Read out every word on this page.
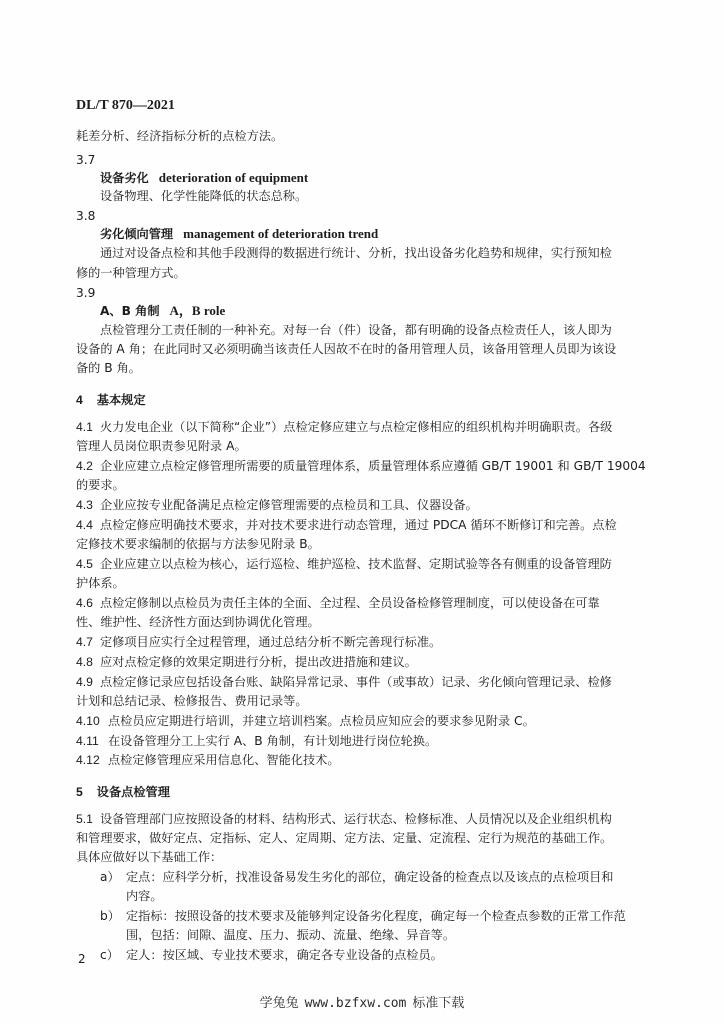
DL/T 870—2021
耗差分析、经济指标分析的点检方法。
3.7
设备劣化 deterioration of equipment
设备物理、化学性能降低的状态总称。
3.8
劣化倾向管理 management of deterioration trend
通过对设备点检和其他手段测得的数据进行统计、分析，找出设备劣化趋势和规律，实行预知检
修的一种管理方式。
3.9
A、B 角制 A，B role
点检管理分工责任制的一种补充。对每一台（件）设备，都有明确的设备点检责任人，该人即为
设备的 A 角；在此同时又必须明确当该责任人因故不在时的备用管理人员，该备用管理人员即为该设
备的 B 角。
4 基本规定
4.1 火力发电企业（以下简称“企业”）点检定修应建立与点检定修相应的组织机构并明确职责。各级
管理人员岗位职责参见附录 A。
4.2 企业应建立点检定修管理所需要的质量管理体系，质量管理体系应遵循 GB/T 19001 和 GB/T 19004
的要求。
4.3 企业应按专业配备满足点检定修管理需要的点检员和工具、仪器设备。
4.4 点检定修应明确技术要求，并对技术要求进行动态管理，通过 PDCA 循环不断修订和完善。点检
定修技术要求编制的依据与方法参见附录 B。
4.5 企业应建立以点检为核心，运行巡检、维护巡检、技术监督、定期试验等各有侧重的设备管理防
护体系。
4.6 点检定修制以点检员为责任主体的全面、全过程、全员设备检修管理制度，可以使设备在可靠
性、维护性、经济性方面达到协调优化管理。
4.7 定修项目应实行全过程管理，通过总结分析不断完善现行标准。
4.8 应对点检定修的效果定期进行分析，提出改进措施和建议。
4.9 点检定修记录应包括设备台账、缺陷异常记录、事件（或事故）记录、劣化倾向管理记录、检修
计划和总结记录、检修报告、费用记录等。
4.10 点检员应定期进行培训，并建立培训档案。点检员应知应会的要求参见附录 C。
4.11 在设备管理分工上实行 A、B 角制，有计划地进行岗位轮换。
4.12 点检定修管理应采用信息化、智能化技术。
5 设备点检管理
5.1 设备管理部门应按照设备的材料、结构形式、运行状态、检修标准、人员情况以及企业组织机构
和管理要求，做好定点、定指标、定人、定周期、定方法、定量、定流程、定行为规范的基础工作。
具体应做好以下基础工作：
a） 定点：应科学分析，找准设备易发生劣化的部位，确定设备的检查点以及该点的点检项目和
内容。
b） 定指标：按照设备的技术要求及能够判定设备劣化程度，确定每一个检查点参数的正常工作范
围，包括：间隙、温度、压力、振动、流量、绝缘、异音等。
c） 定人：按区域、专业技术要求，确定各专业设备的点检员。
2
学兔兔 www.bzfxw.com 标准下载
